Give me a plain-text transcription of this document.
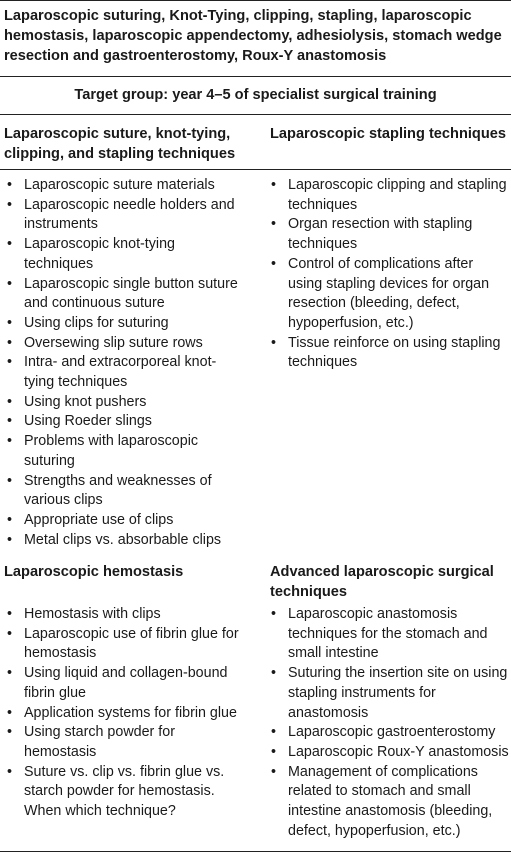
Laparoscopic suturing, Knot-Tying, clipping, stapling, laparoscopic hemostasis, laparoscopic appendectomy, adhesiolysis, stomach wedge resection and gastroenterostomy, Roux-Y anastomosis

Target group: year 4–5 of specialist surgical training

Laparoscopic suture, knot-tying, clipping, and stapling techniques
Laparoscopic stapling techniques
• Laparoscopic suture materials
• Laparoscopic needle holders and instruments
• Laparoscopic knot-tying techniques
• Laparoscopic single button suture and continuous suture
• Using clips for suturing
• Oversewing slip suture rows
• Intra- and extracorporeal knot-tying techniques
• Using knot pushers
• Using Roeder slings
• Problems with laparoscopic suturing
• Strengths and weaknesses of various clips
• Appropriate use of clips
• Metal clips vs. absorbable clips
• Laparoscopic clipping and stapling techniques
• Organ resection with stapling techniques
• Control of complications after using stapling devices for organ resection (bleeding, defect, hypoperfusion, etc.)
• Tissue reinforce on using stapling techniques
Laparoscopic hemostasis	Advanced laparoscopic surgical techniques
• Hemostasis with clips
• Laparoscopic use of fibrin glue for hemostasis
• Using liquid and collagen-bound fibrin glue
• Application systems for fibrin glue
• Using starch powder for hemostasis
• Suture vs. clip vs. fibrin glue vs. starch powder for hemostasis. When which technique?
• Laparoscopic anastomosis techniques for the stomach and small intestine
• Suturing the insertion site on using stapling instruments for anastomosis
• Laparoscopic gastroenterostomy
• Laparoscopic Roux-Y anastomosis
• Management of complications related to stomach and small intestine anastomosis (bleeding, defect, hypoperfusion, etc.)
